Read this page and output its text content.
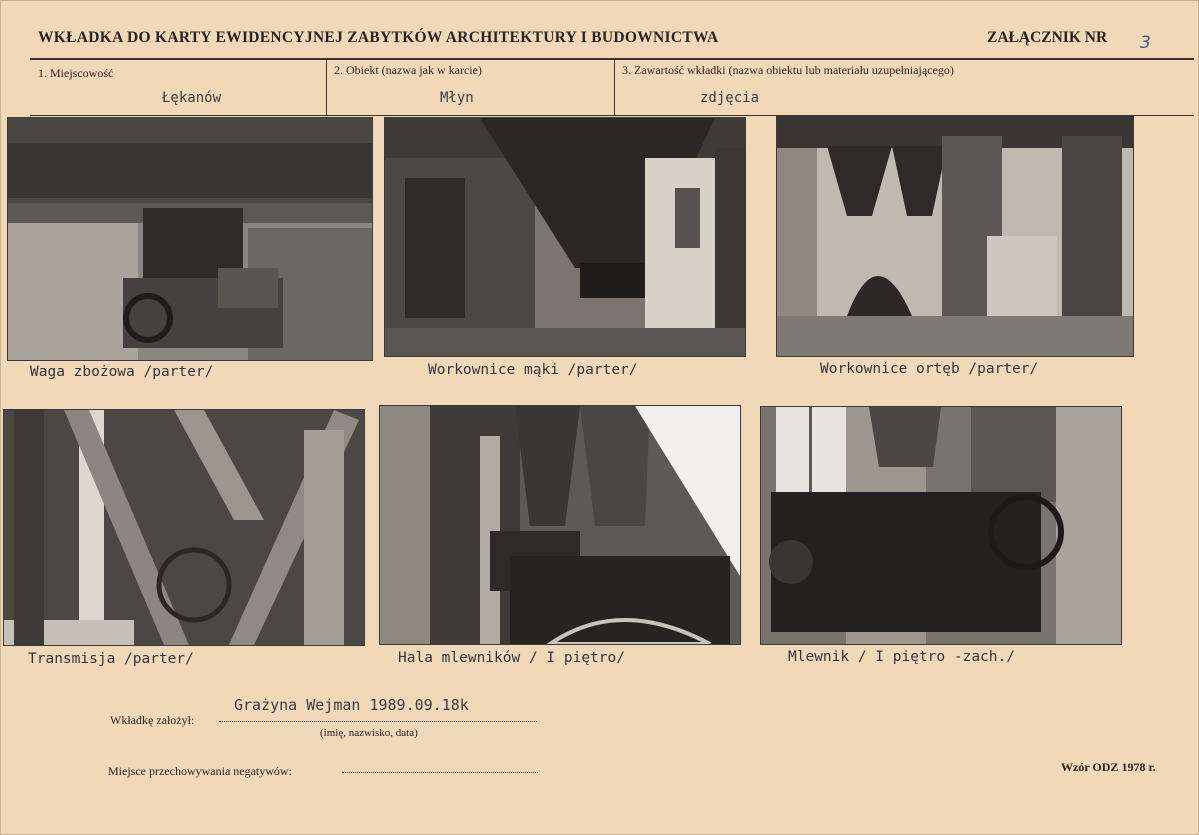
WKŁADKA DO KARTY EWIDENCYJNEJ ZABYTKÓW ARCHITEKTURY I BUDOWNICTWA	ZAŁĄCZNIK NR 3
1. Miejscowość
Łękanów
2. Obiekt (nazwa jak w karcie)
Młyn
3. Zawartość wkładki (nazwa obiektu lub materiału uzupełniającego)
zdjęcia
Waga zbożowa /parter/	Workownice mąki /parter/	Workownice ortęb /parter/
Transmisja /parter/	Hala mlewników / I piętro/	Mlewnik / I piętro -zach./
Wkładkę założył:
Grażyna Wejman 1989.09.18k
(imię, nazwisko, data)
Miejsce przechowywania negatywów:	Wzór ODZ 1978 r.
